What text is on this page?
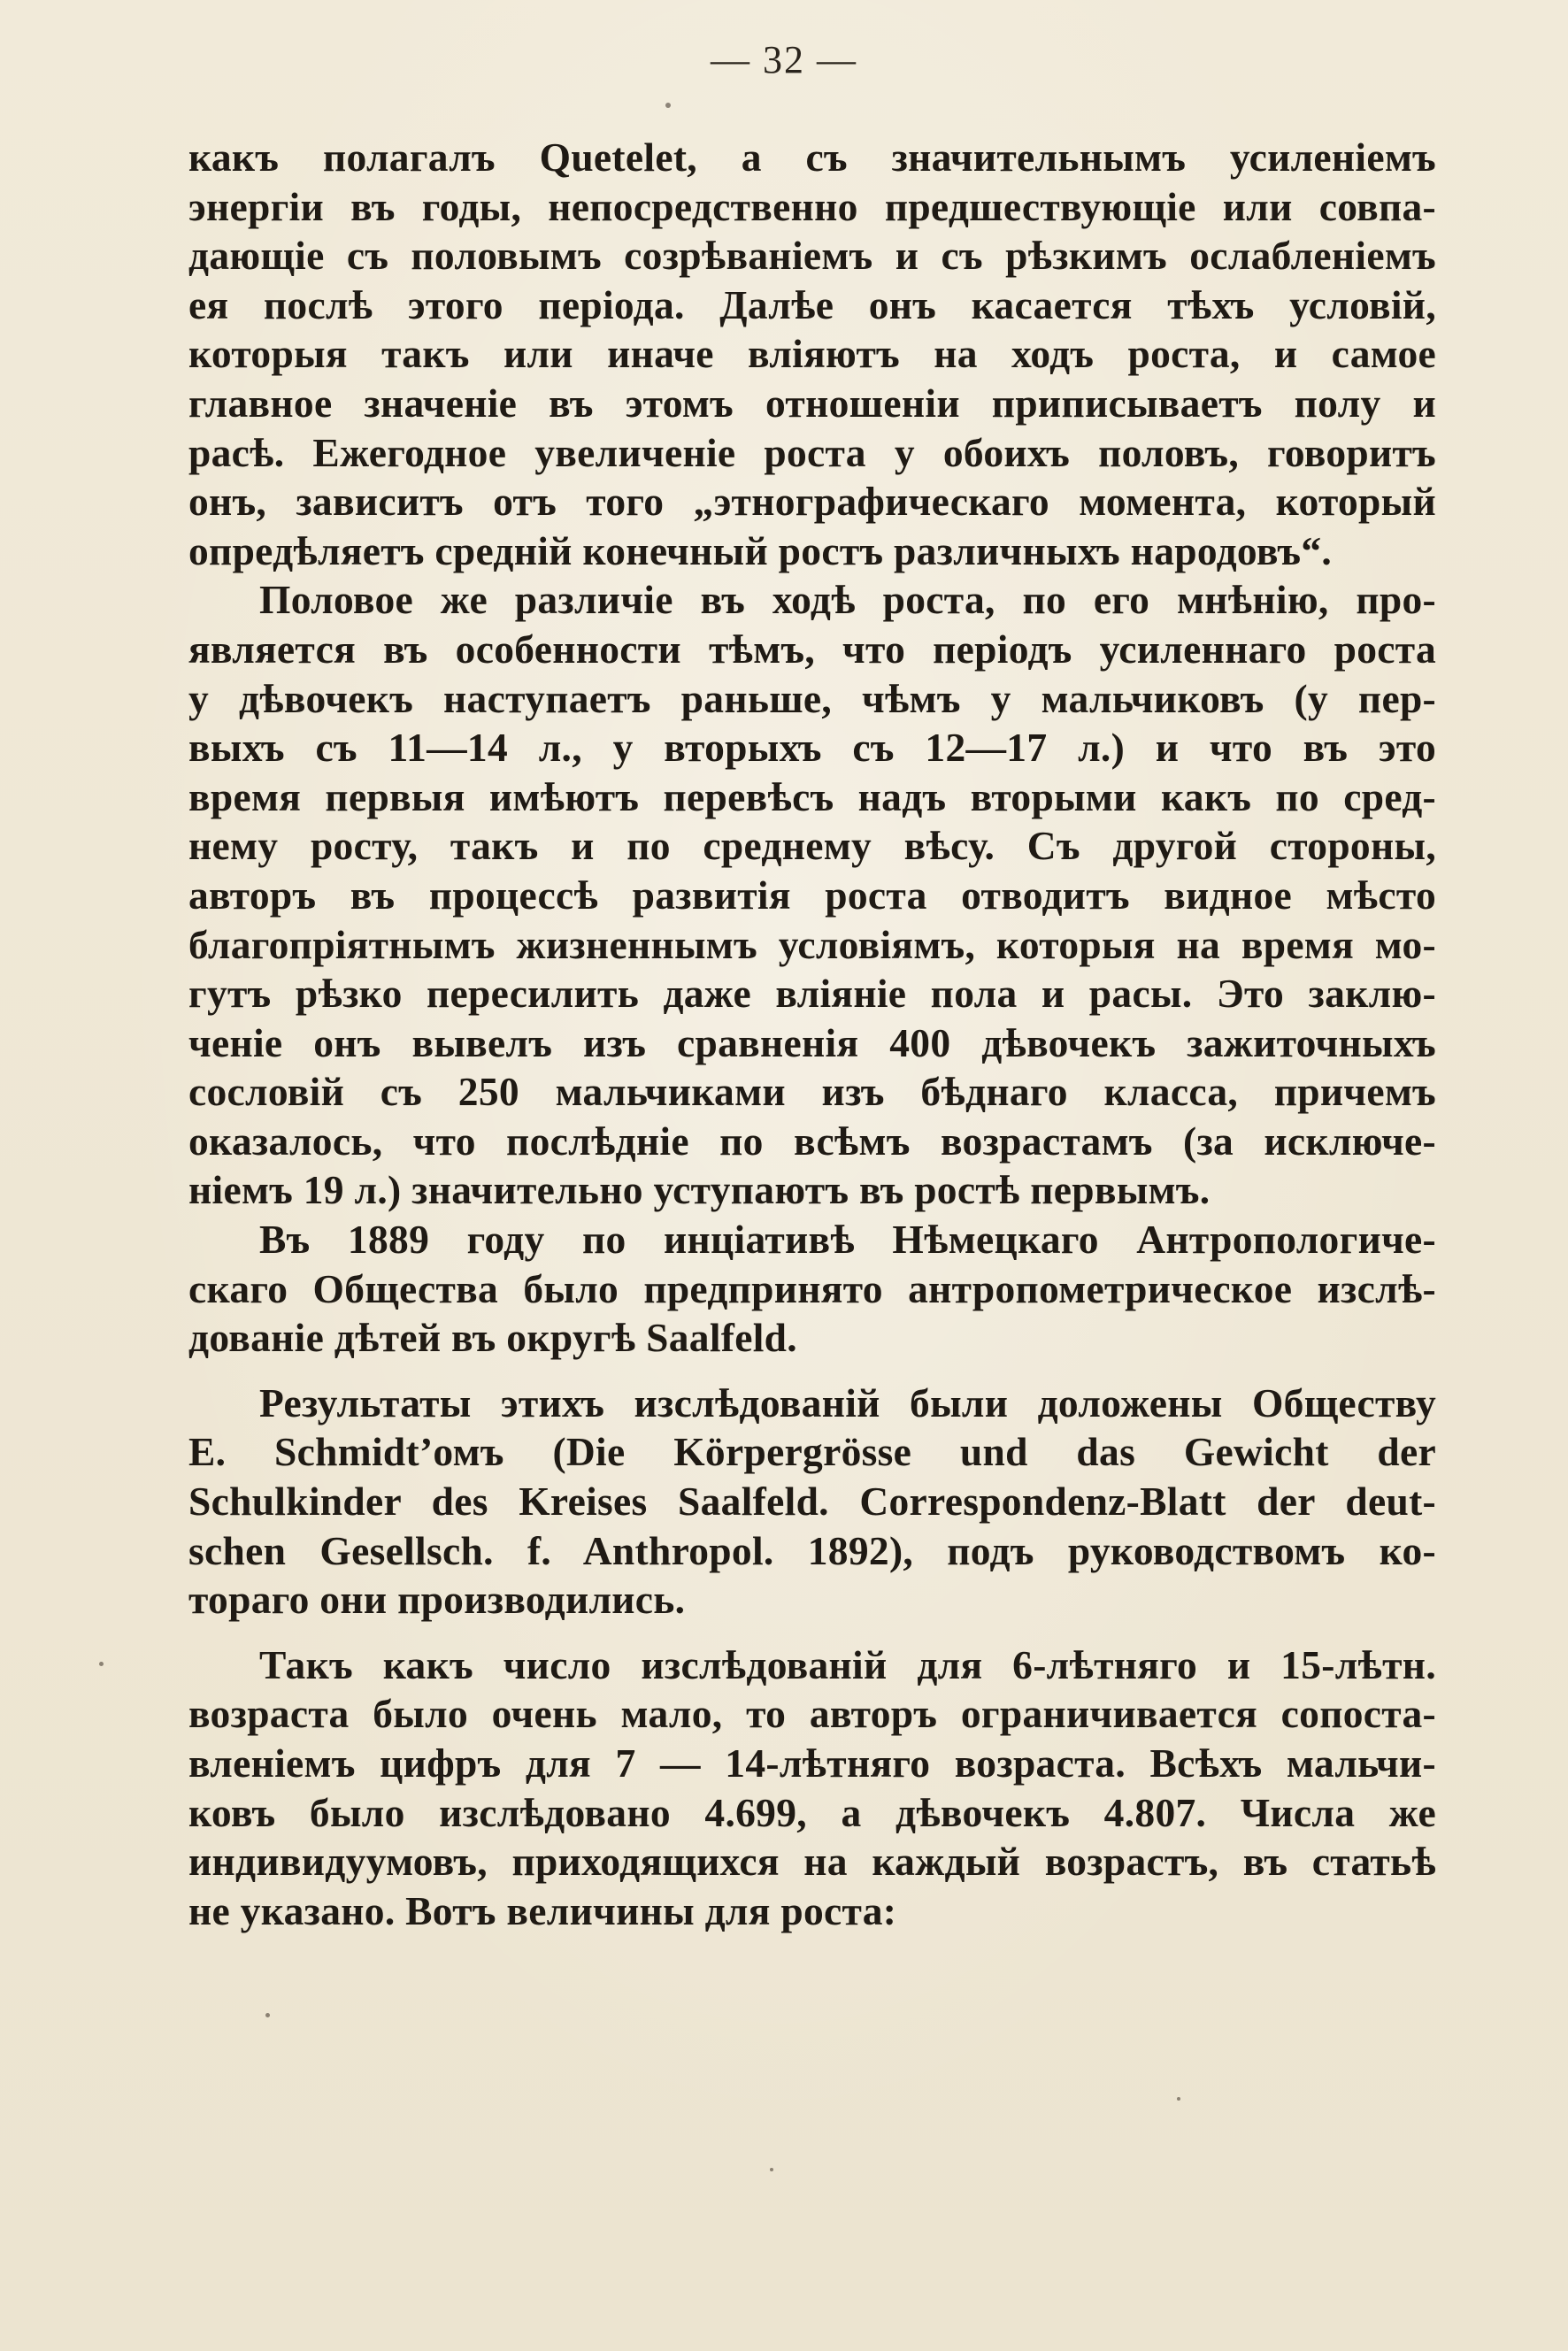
— 32 —
какъ полагалъ Quetelet, а съ значительнымъ усиленіемъ
энергіи въ годы, непосредственно предшествующіе или совпа-
дающіе съ половымъ созрѣваніемъ и съ рѣзкимъ ослабленіемъ
ея послѣ этого періода. Далѣе онъ касается тѣхъ условій,
которыя такъ или иначе вліяютъ на ходъ роста, и самое
главное значеніе въ этомъ отношеніи приписываетъ полу и
расѣ. Ежегодное увеличеніе роста у обоихъ половъ, говоритъ
онъ, зависитъ отъ того „этнографическаго момента, который
опредѣляетъ средній конечный ростъ различныхъ народовъ“.
Половое же различіе въ ходѣ роста, по его мнѣнію, про-
является въ особенности тѣмъ, что періодъ усиленнаго роста
у дѣвочекъ наступаетъ раньше, чѣмъ у мальчиковъ (у пер-
выхъ съ 11—14 л., у вторыхъ съ 12—17 л.) и что въ это
время первыя имѣютъ перевѣсъ надъ вторыми какъ по сред-
нему росту, такъ и по среднему вѣсу. Съ другой стороны,
авторъ въ процессѣ развитія роста отводитъ видное мѣсто
благопріятнымъ жизненнымъ условіямъ, которыя на время мо-
гутъ рѣзко пересилить даже вліяніе пола и расы. Это заклю-
ченіе онъ вывелъ изъ сравненія 400 дѣвочекъ зажиточныхъ
сословій съ 250 мальчиками изъ бѣднаго класса, причемъ
оказалось, что послѣдніе по всѣмъ возрастамъ (за исключе-
ніемъ 19 л.) значительно уступаютъ въ ростѣ первымъ.
Въ 1889 году по инціативѣ Нѣмецкаго Антропологиче-
скаго Общества было предпринято антропометрическое изслѣ-
дованіе дѣтей въ округѣ Saalfeld.
Результаты этихъ изслѣдованій были доложены Обществу
E. Schmidt’омъ (Die Körpergrösse und das Gewicht der
Schulkinder des Kreises Saalfeld. Correspondenz-Blatt der deut-
schen Gesellsch. f. Anthropol. 1892), подъ руководствомъ ко-
тораго они производились.
Такъ какъ число изслѣдованій для 6-лѣтняго и 15-лѣтн.
возраста было очень мало, то авторъ ограничивается сопоста-
вленіемъ цифръ для 7 — 14-лѣтняго возраста. Всѣхъ мальчи-
ковъ было изслѣдовано 4.699, а дѣвочекъ 4.807. Числа же
индивидуумовъ, приходящихся на каждый возрастъ, въ статьѣ
не указано. Вотъ величины для роста:
